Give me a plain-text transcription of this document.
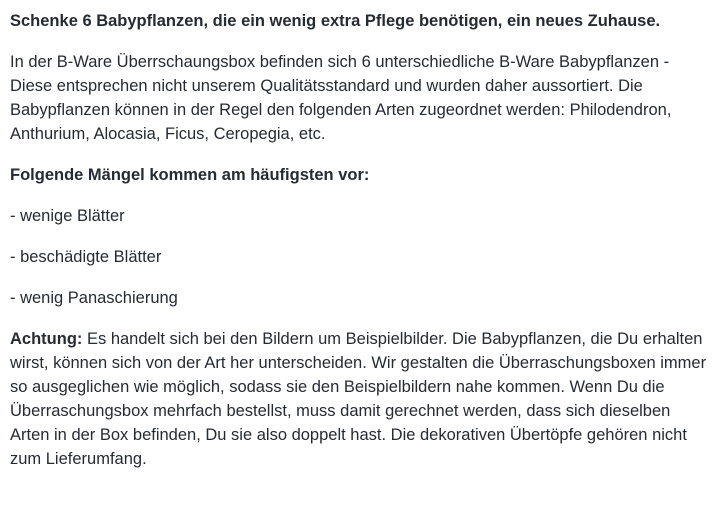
Schenke 6 Babypflanzen, die ein wenig extra Pflege benötigen, ein neues Zuhause.

In der B-Ware Überrschaungsbox befinden sich 6 unterschiedliche B-Ware Babypflanzen - Diese entsprechen nicht unserem Qualitätsstandard und wurden daher aussortiert. Die Babypflanzen können in der Regel den folgenden Arten zugeordnet werden: Philodendron, Anthurium, Alocasia, Ficus, Ceropegia, etc.

Folgende Mängel kommen am häufigsten vor:

- wenige Blätter

- beschädigte Blätter

- wenig Panaschierung

Achtung: Es handelt sich bei den Bildern um Beispielbilder. Die Babypflanzen, die Du erhalten wirst, können sich von der Art her unterscheiden. Wir gestalten die Überraschungsboxen immer so ausgeglichen wie möglich, sodass sie den Beispielbildern nahe kommen. Wenn Du die Überraschungsbox mehrfach bestellst, muss damit gerechnet werden, dass sich dieselben Arten in der Box befinden, Du sie also doppelt hast. Die dekorativen Übertöpfe gehören nicht zum Lieferumfang.
